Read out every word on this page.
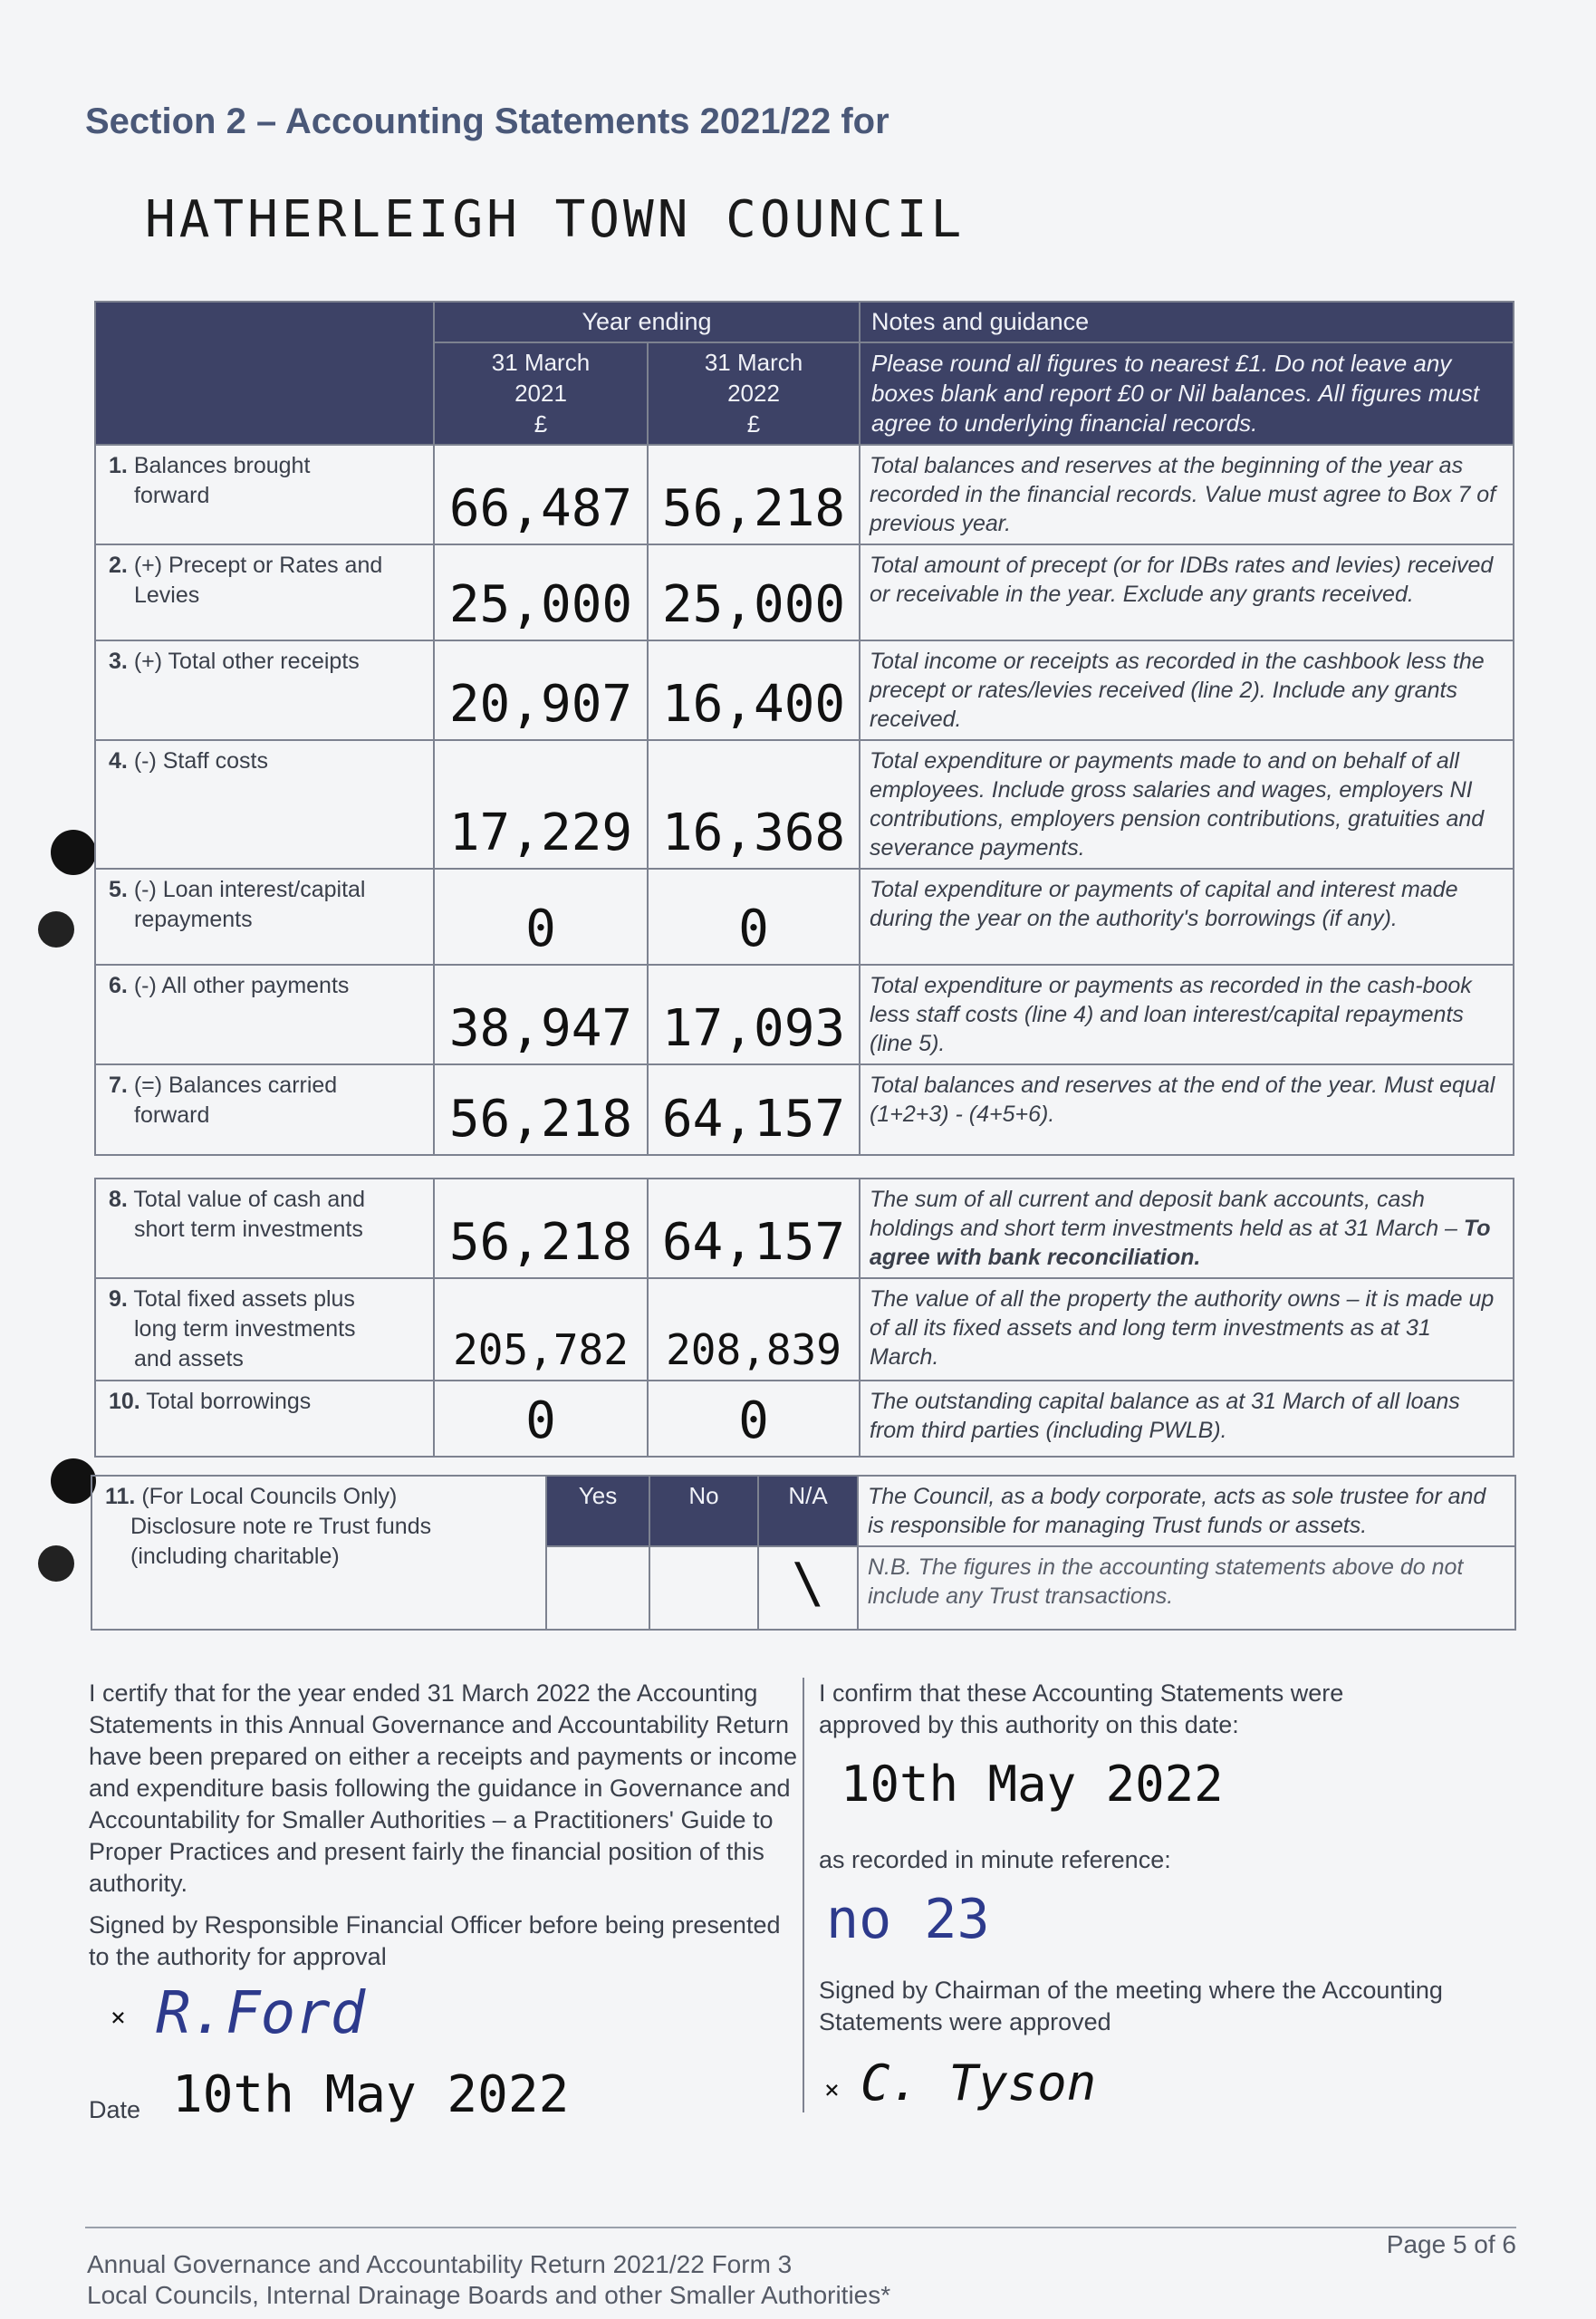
Section 2 – Accounting Statements 2021/22 for
HATHERLEIGH TOWN COUNCIL
	Year ending		Notes and guidance
	31 March
2021
£	31 March
2022
£	Please round all figures to nearest £1. Do not leave any boxes blank and report £0 or Nil balances. All figures must agree to underlying financial records.
1. Balances brought
forward	66,487	56,218	Total balances and reserves at the beginning of the year as recorded in the financial records. Value must agree to Box 7 of previous year.
2. (+) Precept or Rates and
Levies	25,000	25,000	Total amount of precept (or for IDBs rates and levies) received or receivable in the year. Exclude any grants received.
3. (+) Total other receipts	20,907	16,400	Total income or receipts as recorded in the cashbook less the precept or rates/levies received (line 2). Include any grants received.
4. (-) Staff costs	17,229	16,368	Total expenditure or payments made to and on behalf of all employees. Include gross salaries and wages, employers NI contributions, employers pension contributions, gratuities and severance payments.
5. (-) Loan interest/capital
repayments	0	0	Total expenditure or payments of capital and interest made during the year on the authority's borrowings (if any).
6. (-) All other payments	38,947	17,093	Total expenditure or payments as recorded in the cash-book less staff costs (line 4) and loan interest/capital repayments (line 5).
7. (=) Balances carried
forward	56,218	64,157	Total balances and reserves at the end of the year. Must equal (1+2+3) - (4+5+6).
8. Total value of cash and
short term investments	56,218	64,157	The sum of all current and deposit bank accounts, cash holdings and short term investments held as at 31 March – To agree with bank reconciliation.
9. Total fixed assets plus
long term investments
and assets	205,782	208,839	The value of all the property the authority owns – it is made up of all its fixed assets and long term investments as at 31 March.
10. Total borrowings	0	0	The outstanding capital balance as at 31 March of all loans from third parties (including PWLB).
11. (For Local Councils Only)
Disclosure note re Trust funds
(including charitable)	Yes	No	N/A	The Council, as a body corporate, acts as sole trustee for and is responsible for managing Trust funds or assets.
			\	N.B. The figures in the accounting statements above do not include any Trust transactions.
I certify that for the year ended 31 March 2022 the Accounting Statements in this Annual Governance and Accountability Return have been prepared on either a receipts and payments or income and expenditure basis following the guidance in Governance and Accountability for Smaller Authorities – a Practitioners' Guide to Proper Practices and present fairly the financial position of this authority.
Signed by Responsible Financial Officer before being presented to the authority for approval
× R.Ford
Date 10th May 2022
I confirm that these Accounting Statements were approved by this authority on this date:
10th May 2022
as recorded in minute reference:
no 23
Signed by Chairman of the meeting where the Accounting Statements were approved
× C. Tyson
Annual Governance and Accountability Return 2021/22 Form 3
Local Councils, Internal Drainage Boards and other Smaller Authorities*
Page 5 of 6
